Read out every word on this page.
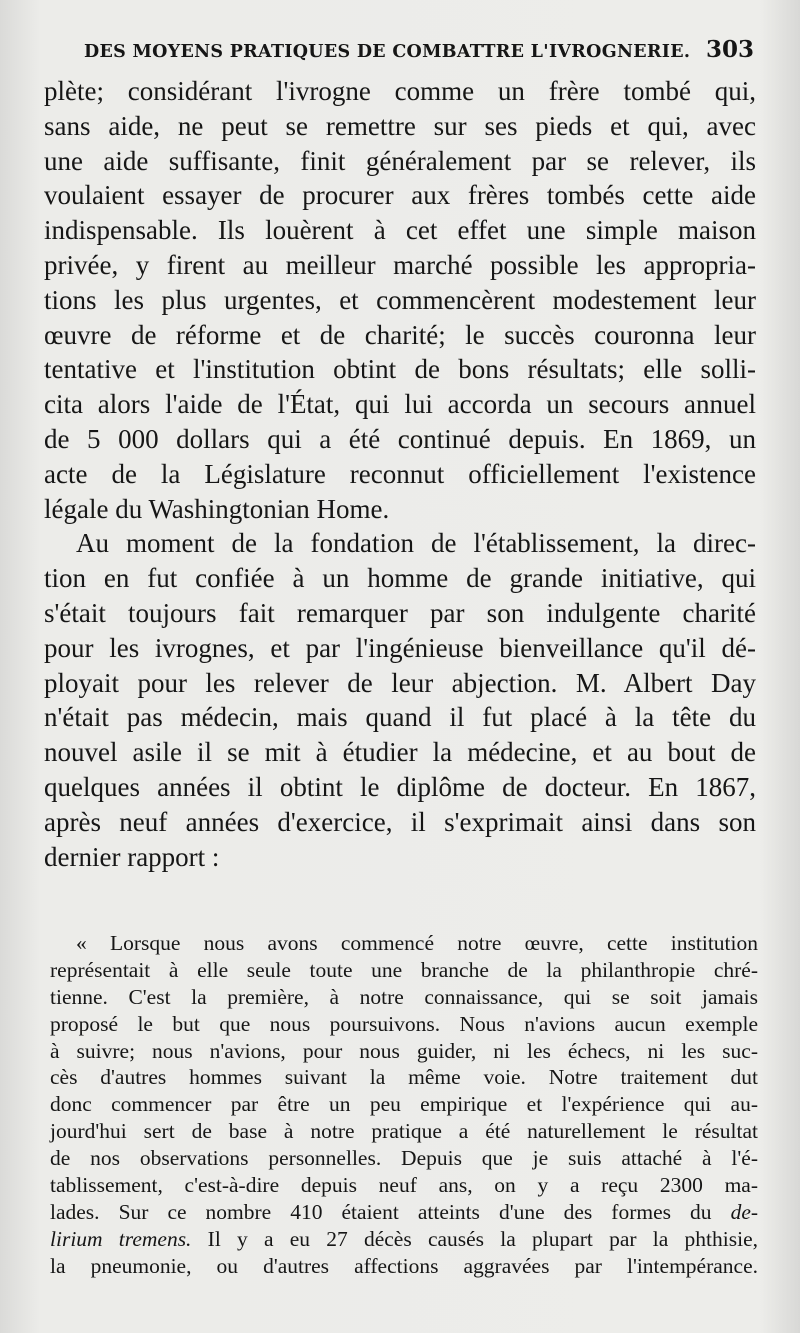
DES MOYENS PRATIQUES DE COMBATTRE L'IVROGNERIE. 303
plète; considérant l'ivrogne comme un frère tombé qui,
sans aide, ne peut se remettre sur ses pieds et qui, avec
une aide suffisante, finit généralement par se relever, ils
voulaient essayer de procurer aux frères tombés cette aide
indispensable. Ils louèrent à cet effet une simple maison
privée, y firent au meilleur marché possible les appropria-
tions les plus urgentes, et commencèrent modestement leur
œuvre de réforme et de charité; le succès couronna leur
tentative et l'institution obtint de bons résultats; elle solli-
cita alors l'aide de l'État, qui lui accorda un secours annuel
de 5 000 dollars qui a été continué depuis. En 1869, un
acte de la Législature reconnut officiellement l'existence
légale du Washingtonian Home.
Au moment de la fondation de l'établissement, la direc-
tion en fut confiée à un homme de grande initiative, qui
s'était toujours fait remarquer par son indulgente charité
pour les ivrognes, et par l'ingénieuse bienveillance qu'il dé-
ployait pour les relever de leur abjection. M. Albert Day
n'était pas médecin, mais quand il fut placé à la tête du
nouvel asile il se mit à étudier la médecine, et au bout de
quelques années il obtint le diplôme de docteur. En 1867,
après neuf années d'exercice, il s'exprimait ainsi dans son
dernier rapport :
« Lorsque nous avons commencé notre œuvre, cette institution
représentait à elle seule toute une branche de la philanthropie chré-
tienne. C'est la première, à notre connaissance, qui se soit jamais
proposé le but que nous poursuivons. Nous n'avions aucun exemple
à suivre; nous n'avions, pour nous guider, ni les échecs, ni les suc-
cès d'autres hommes suivant la même voie. Notre traitement dut
donc commencer par être un peu empirique et l'expérience qui au-
jourd'hui sert de base à notre pratique a été naturellement le résultat
de nos observations personnelles. Depuis que je suis attaché à l'é-
tablissement, c'est-à-dire depuis neuf ans, on y a reçu 2300 ma-
lades. Sur ce nombre 410 étaient atteints d'une des formes du de-
lirium tremens. Il y a eu 27 décès causés la plupart par la phthisie,
la pneumonie, ou d'autres affections aggravées par l'intempérance.
